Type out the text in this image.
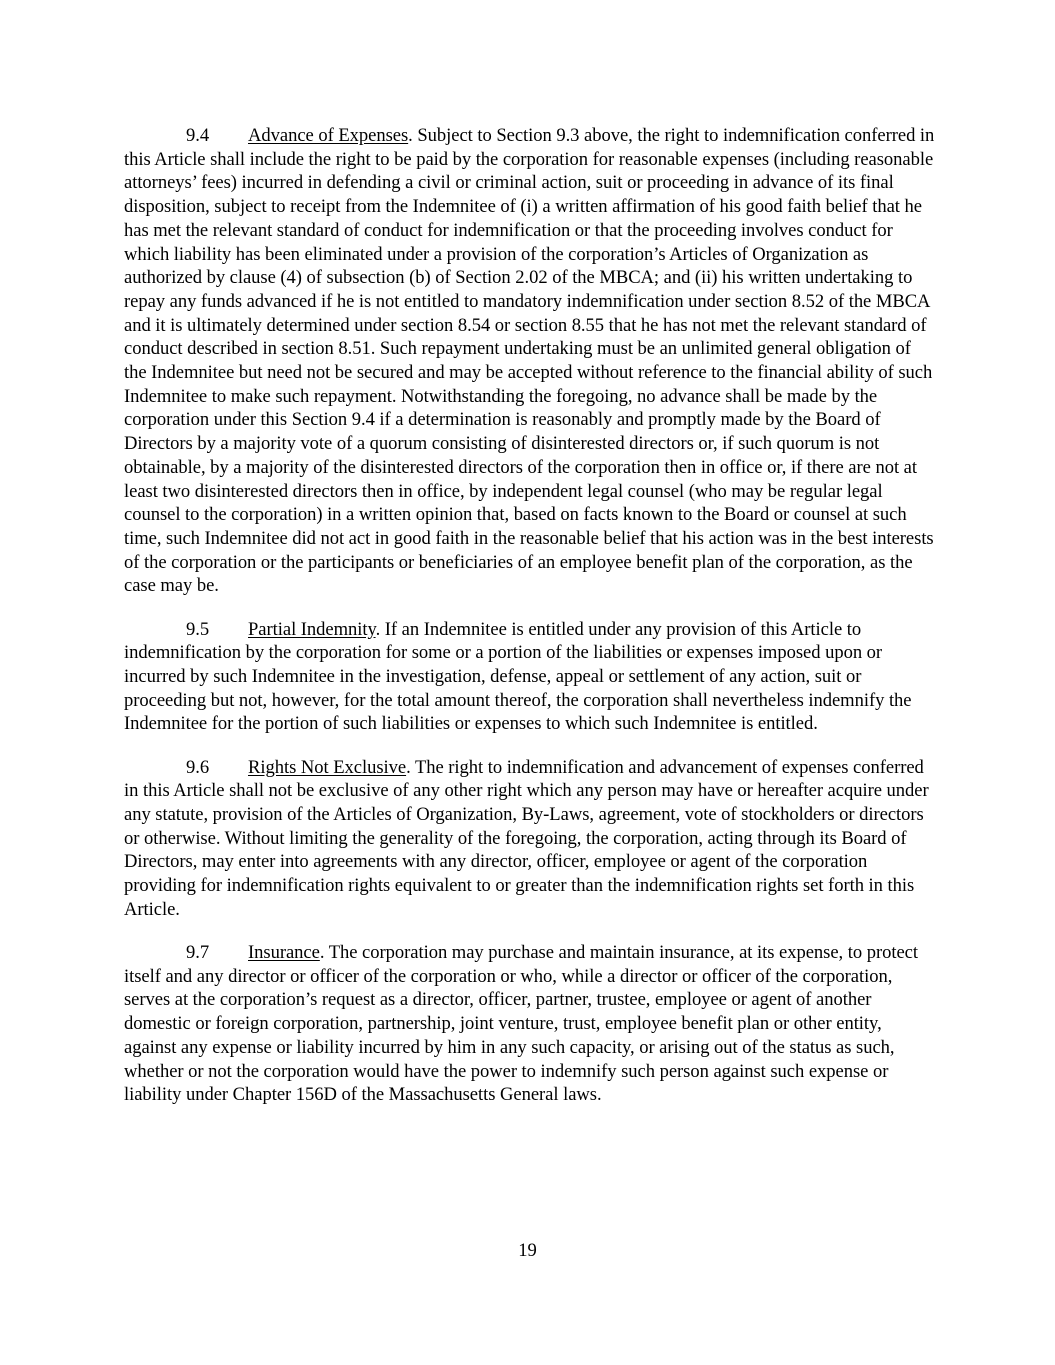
9.4 Advance of Expenses. Subject to Section 9.3 above, the right to indemnification conferred in this Article shall include the right to be paid by the corporation for reasonable expenses (including reasonable attorneys’ fees) incurred in defending a civil or criminal action, suit or proceeding in advance of its final disposition, subject to receipt from the Indemnitee of (i) a written affirmation of his good faith belief that he has met the relevant standard of conduct for indemnification or that the proceeding involves conduct for which liability has been eliminated under a provision of the corporation’s Articles of Organization as authorized by clause (4) of subsection (b) of Section 2.02 of the MBCA; and (ii) his written undertaking to repay any funds advanced if he is not entitled to mandatory indemnification under section 8.52 of the MBCA and it is ultimately determined under section 8.54 or section 8.55 that he has not met the relevant standard of conduct described in section 8.51. Such repayment undertaking must be an unlimited general obligation of the Indemnitee but need not be secured and may be accepted without reference to the financial ability of such Indemnitee to make such repayment. Notwithstanding the foregoing, no advance shall be made by the corporation under this Section 9.4 if a determination is reasonably and promptly made by the Board of Directors by a majority vote of a quorum consisting of disinterested directors or, if such quorum is not obtainable, by a majority of the disinterested directors of the corporation then in office or, if there are not at least two disinterested directors then in office, by independent legal counsel (who may be regular legal counsel to the corporation) in a written opinion that, based on facts known to the Board or counsel at such time, such Indemnitee did not act in good faith in the reasonable belief that his action was in the best interests of the corporation or the participants or beneficiaries of an employee benefit plan of the corporation, as the case may be.

9.5 Partial Indemnity. If an Indemnitee is entitled under any provision of this Article to indemnification by the corporation for some or a portion of the liabilities or expenses imposed upon or incurred by such Indemnitee in the investigation, defense, appeal or settlement of any action, suit or proceeding but not, however, for the total amount thereof, the corporation shall nevertheless indemnify the Indemnitee for the portion of such liabilities or expenses to which such Indemnitee is entitled.

9.6 Rights Not Exclusive. The right to indemnification and advancement of expenses conferred in this Article shall not be exclusive of any other right which any person may have or hereafter acquire under any statute, provision of the Articles of Organization, By-Laws, agreement, vote of stockholders or directors or otherwise. Without limiting the generality of the foregoing, the corporation, acting through its Board of Directors, may enter into agreements with any director, officer, employee or agent of the corporation providing for indemnification rights equivalent to or greater than the indemnification rights set forth in this Article.

9.7 Insurance. The corporation may purchase and maintain insurance, at its expense, to protect itself and any director or officer of the corporation or who, while a director or officer of the corporation, serves at the corporation’s request as a director, officer, partner, trustee, employee or agent of another domestic or foreign corporation, partnership, joint venture, trust, employee benefit plan or other entity, against any expense or liability incurred by him in any such capacity, or arising out of the status as such, whether or not the corporation would have the power to indemnify such person against such expense or liability under Chapter 156D of the Massachusetts General laws.

19
